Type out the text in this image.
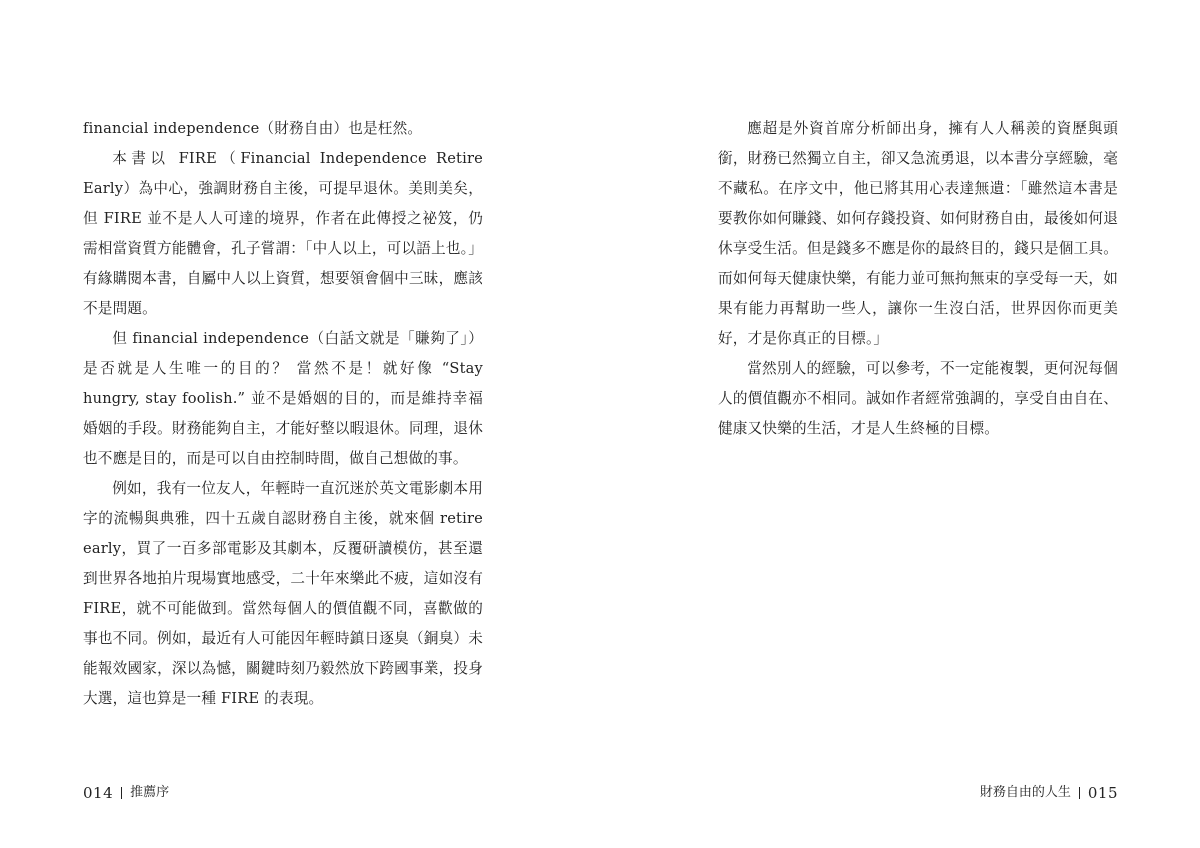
financial independence（財務自由）也是枉然。

本書以 FIRE（Financial Independence Retire Early）為中心，強調財務自主後，可提早退休。美則美矣，但 FIRE 並不是人人可達的境界，作者在此傳授之祕笈，仍需相當資質方能體會，孔子嘗謂：「中人以上，可以語上也。」有緣購閱本書，自屬中人以上資質，想要領會個中三昧，應該不是問題。

但 financial independence（白話文就是「賺夠了」）是否就是人生唯一的目的？ 當然不是！就好像 “Stay hungry, stay foolish.” 並不是婚姻的目的，而是維持幸福婚姻的手段。財務能夠自主，才能好整以暇退休。同理，退休也不應是目的，而是可以自由控制時間，做自己想做的事。

例如，我有一位友人，年輕時一直沉迷於英文電影劇本用字的流暢與典雅，四十五歲自認財務自主後，就來個 retire early，買了一百多部電影及其劇本，反覆研讀模仿，甚至還到世界各地拍片現場實地感受，二十年來樂此不疲，這如沒有 FIRE，就不可能做到。當然每個人的價值觀不同，喜歡做的事也不同。例如，最近有人可能因年輕時鎮日逐臭（銅臭）未能報效國家，深以為憾，關鍵時刻乃毅然放下跨國事業，投身大選，這也算是一種 FIRE 的表現。

014 推薦序

應超是外資首席分析師出身，擁有人人稱羨的資歷與頭銜，財務已然獨立自主，卻又急流勇退，以本書分享經驗，毫不藏私。在序文中，他已將其用心表達無遺：「雖然這本書是要教你如何賺錢、如何存錢投資、如何財務自由，最後如何退休享受生活。但是錢多不應是你的最終目的，錢只是個工具。而如何每天健康快樂，有能力並可無拘無束的享受每一天，如果有能力再幫助一些人，讓你一生沒白活，世界因你而更美好，才是你真正的目標。」

當然別人的經驗，可以參考，不一定能複製，更何況每個人的價值觀亦不相同。誠如作者經常強調的，享受自由自在、健康又快樂的生活，才是人生終極的目標。

財務自由的人生 015
